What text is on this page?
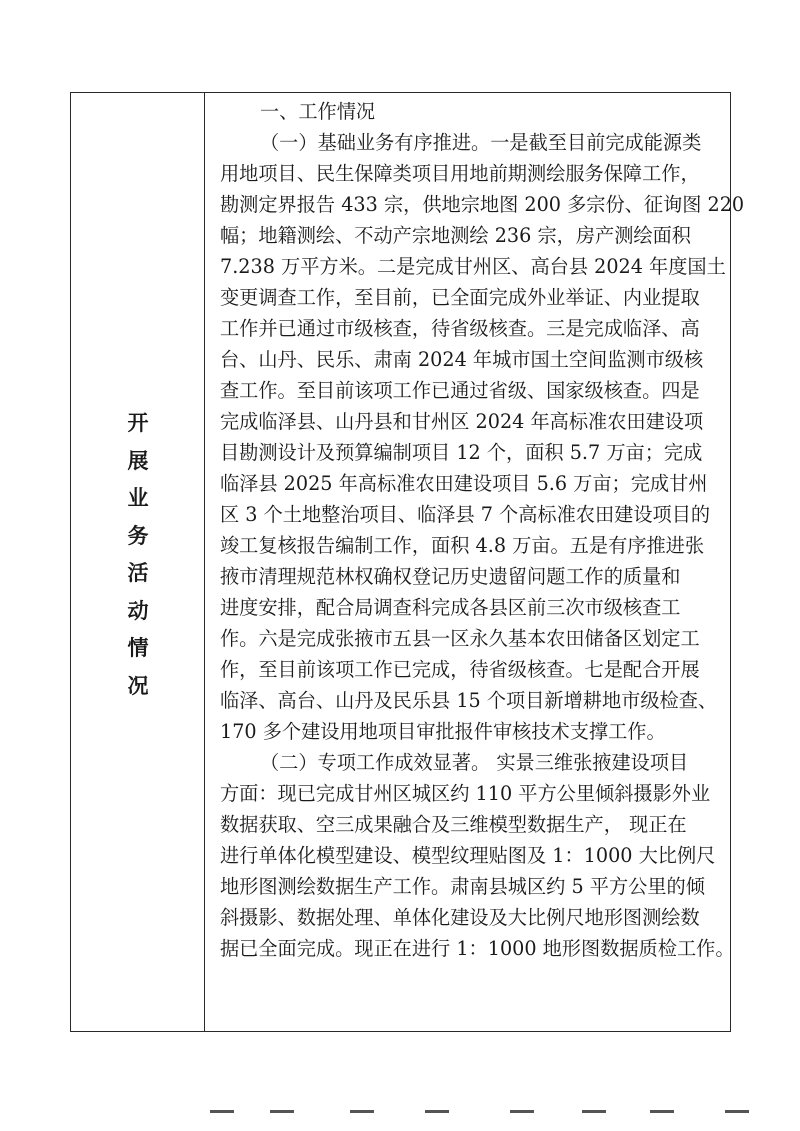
开
展
业
务
活
动
情
况
一、工作情况
（一）基础业务有序推进。一是截至目前完成能源类
用地项目、民生保障类项目用地前期测绘服务保障工作，
勘测定界报告 433 宗，供地宗地图 200 多宗份、征询图 220
幅；地籍测绘、不动产宗地测绘 236 宗，房产测绘面积
7.238 万平方米。二是完成甘州区、高台县 2024 年度国土
变更调查工作，至目前，已全面完成外业举证、内业提取
工作并已通过市级核查，待省级核查。三是完成临泽、高
台、山丹、民乐、肃南 2024 年城市国土空间监测市级核
查工作。至目前该项工作已通过省级、国家级核查。四是
完成临泽县、山丹县和甘州区 2024 年高标准农田建设项
目勘测设计及预算编制项目 12 个，面积 5.7 万亩；完成
临泽县 2025 年高标准农田建设项目 5.6 万亩；完成甘州
区 3 个土地整治项目、临泽县 7 个高标准农田建设项目的
竣工复核报告编制工作，面积 4.8 万亩。五是有序推进张
掖市清理规范林权确权登记历史遗留问题工作的质量和
进度安排，配合局调查科完成各县区前三次市级核查工
作。六是完成张掖市五县一区永久基本农田储备区划定工
作，至目前该项工作已完成，待省级核查。七是配合开展
临泽、高台、山丹及民乐县 15 个项目新增耕地市级检查、
170 多个建设用地项目审批报件审核技术支撑工作。
（二）专项工作成效显著。 实景三维张掖建设项目
方面：现已完成甘州区城区约 110 平方公里倾斜摄影外业
数据获取、空三成果融合及三维模型数据生产， 现正在
进行单体化模型建设、模型纹理贴图及 1：1000 大比例尺
地形图测绘数据生产工作。肃南县城区约 5 平方公里的倾
斜摄影、数据处理、单体化建设及大比例尺地形图测绘数
据已全面完成。现正在进行 1：1000 地形图数据质检工作。
